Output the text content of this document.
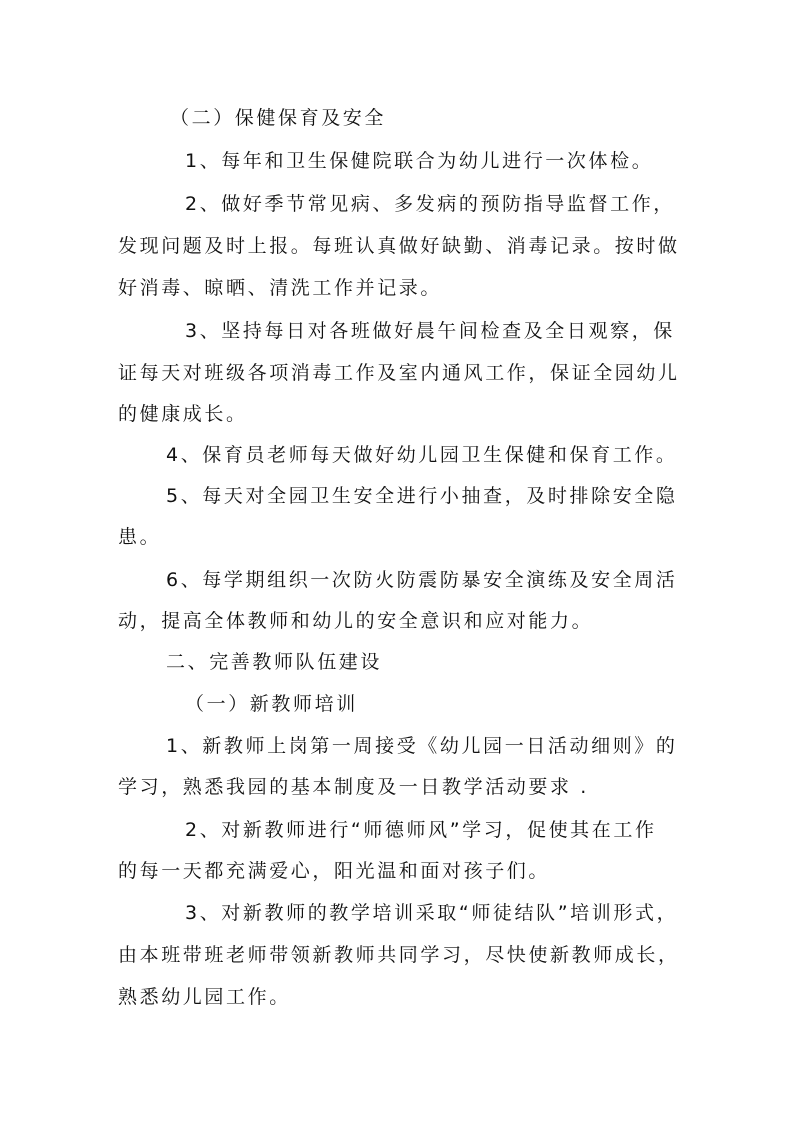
（二）保健保育及安全
1、每年和卫生保健院联合为幼儿进行一次体检。
2、做好季节常见病、多发病的预防指导监督工作，
发现问题及时上报。每班认真做好缺勤、消毒记录。按时做
好消毒、晾晒、清洗工作并记录。
3、坚持每日对各班做好晨午间检查及全日观察，保
证每天对班级各项消毒工作及室内通风工作，保证全园幼儿
的健康成长。
4、保育员老师每天做好幼儿园卫生保健和保育工作。
5、每天对全园卫生安全进行小抽查，及时排除安全隐
患。
6、每学期组织一次防火防震防暴安全演练及安全周活
动，提高全体教师和幼儿的安全意识和应对能力。
二、完善教师队伍建设
（一）新教师培训
1、新教师上岗第一周接受《幼儿园一日活动细则》的
学习，熟悉我园的基本制度及一日教学活动要求 .
2、对新教师进行“师德师风”学习，促使其在工作
的每一天都充满爱心，阳光温和面对孩子们。
3、对新教师的教学培训采取“师徒结队”培训形式，
由本班带班老师带领新教师共同学习，尽快使新教师成长，
熟悉幼儿园工作。
